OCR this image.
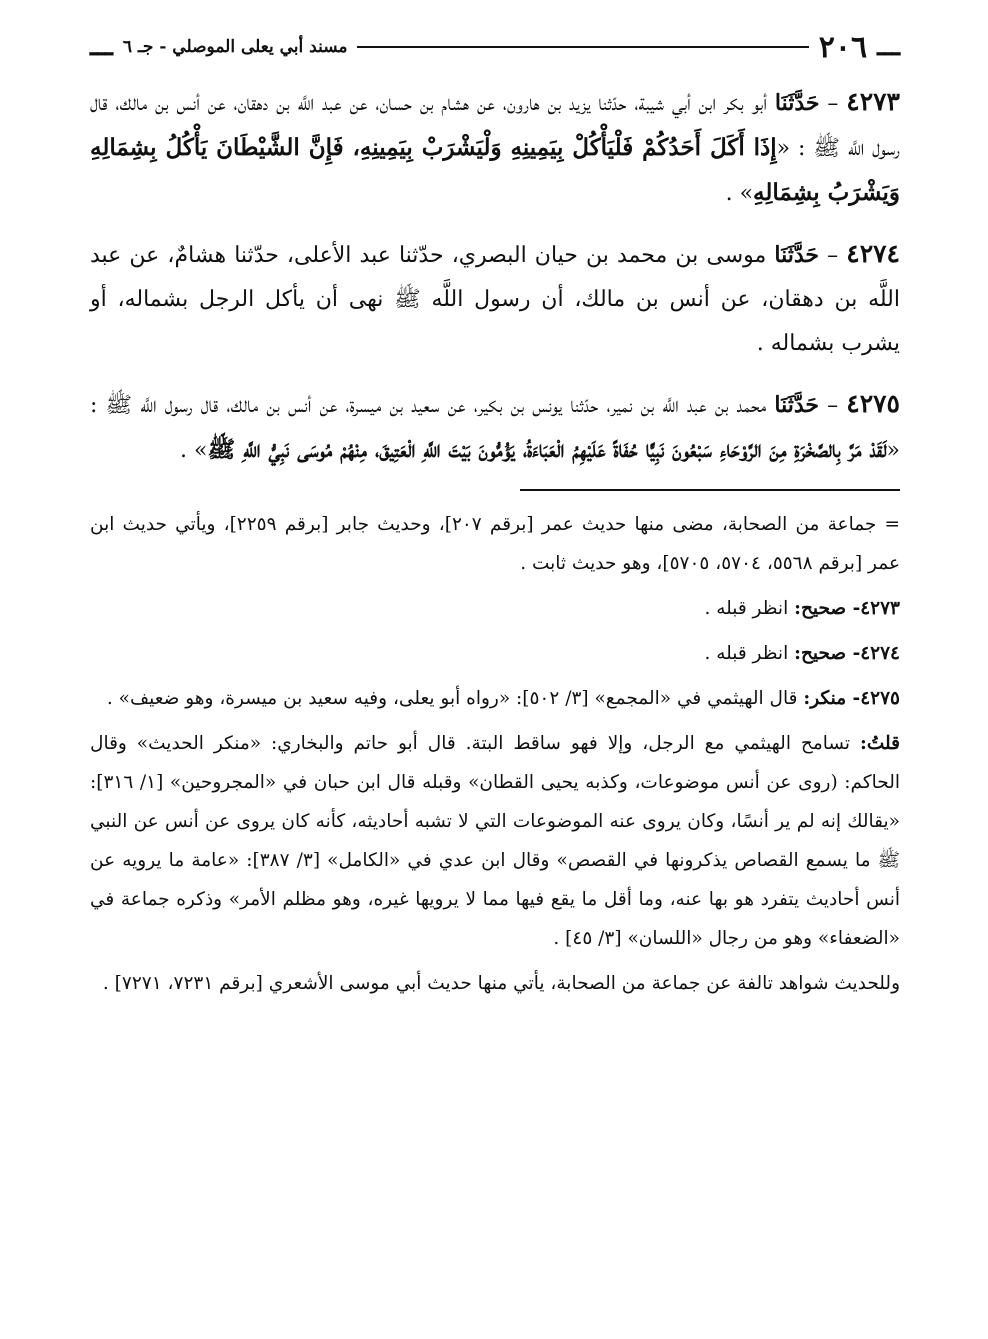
ـــ
٢٠٦
مسند أبي يعلى الموصلي - جـ ٦
ـــ

٤٢٧٣ – حَدَّثَنَا أبو بكر ابن أبي شيبة، حدّثنا يزيد بن هارون، عن هشام بن حسان، عن عبد اللَّه بن دهقان، عن أنس بن مالك، قال رسول اللَّه ﷺ : «إِذَا أَكَلَ أَحَدُكُمْ فَلْيَأْكُلْ بِيَمِينِهِ وَلْيَشْرَبْ بِيَمِينِهِ، فَإِنَّ الشَّيْطَانَ يَأْكُلُ بِشِمَالِهِ وَيَشْرَبُ بِشِمَالِهِ» .

٤٢٧٤ – حَدَّثَنَا موسى بن محمد بن حيان البصري، حدّثنا عبد الأعلى، حدّثنا هشامٌ، عن عبد اللَّه بن دهقان، عن أنس بن مالك، أن رسول اللَّه ﷺ نهى أن يأكل الرجل بشماله، أو يشرب بشماله .

٤٢٧٥ – حَدَّثَنَا محمد بن عبد اللَّه بن نمير، حدّثنا يونس بن بكير، عن سعيد بن ميسرة، عن أنس بن مالك، قال رسول اللَّه ﷺ : «لَقَدْ مَرَّ بِالصَّخْرَةِ مِنَ الرَّوْحَاءِ سَبْعُونَ نَبِيًّا حُفَاةً عَلَيْهِمُ الْعَبَاءَةُ، يَؤُمُّونَ بَيْتَ اللَّهِ الْعَتِيقَ، مِنْهُمْ مُوسَى نَبِيُّ اللَّهِ ﷺ» .

= جماعة من الصحابة، مضى منها حديث عمر [برقم ٢٠٧]، وحديث جابر [برقم ٢٢٥٩]، ويأتي حديث ابن عمر [برقم ٥٥٦٨، ٥٧٠٤، ٥٧٠٥]، وهو حديث ثابت .

٤٢٧٣- صحيح: انظر قبله .

٤٢٧٤- صحيح: انظر قبله .

٤٢٧٥- منكر: قال الهيثمي في «المجمع» [٣/ ٥٠٢]: «رواه أبو يعلى، وفيه سعيد بن ميسرة، وهو ضعيف» .

قلتُ: تسامح الهيثمي مع الرجل، وإلا فهو ساقط البتة. قال أبو حاتم والبخاري: «منكر الحديث» وقال الحاكم: (روى عن أنس موضوعات، وكذبه يحيى القطان» وقبله قال ابن حبان في «المجروحين» [١/ ٣١٦]: «يقالك إنه لم ير أنسًا، وكان يروى عنه الموضوعات التي لا تشبه أحاديثه، كأنه كان يروى عن أنس عن النبي ﷺ ما يسمع القصاص يذكرونها في القصص» وقال ابن عدي في «الكامل» [٣/ ٣٨٧]: «عامة ما يرويه عن أنس أحاديث يتفرد هو بها عنه، وما أقل ما يقع فيها مما لا يرويها غيره، وهو مظلم الأمر» وذكره جماعة في «الضعفاء» وهو من رجال «اللسان» [٣/ ٤٥] .

وللحديث شواهد تالفة عن جماعة من الصحابة، يأتي منها حديث أبي موسى الأشعري [برقم ٧٢٣١، ٧٢٧١] .
